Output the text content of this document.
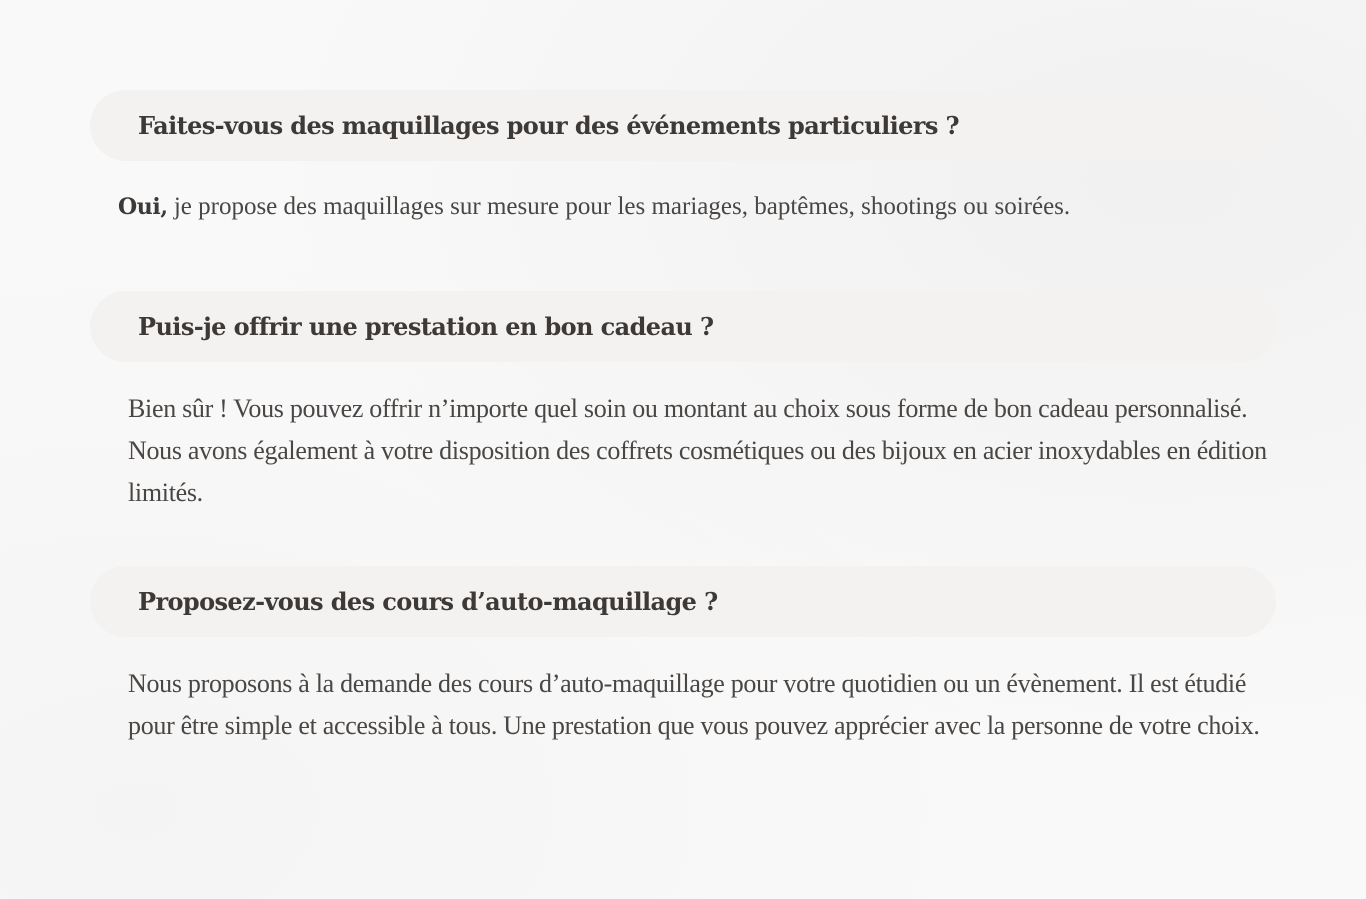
Faites-vous des maquillages pour des événements particuliers ?
Oui, je propose des maquillages sur mesure pour les mariages, baptêmes, shootings ou soirées.
Puis-je offrir une prestation en bon cadeau ?
Bien sûr ! Vous pouvez offrir n’importe quel soin ou montant au choix sous forme de bon cadeau personnalisé. Nous avons également à votre disposition des coffrets cosmétiques ou des bijoux en acier inoxydables en édition limités.
Proposez-vous des cours d’auto-maquillage ?
Nous proposons à la demande des cours d’auto-maquillage pour votre quotidien ou un évènement. Il est étudié pour être simple et accessible à tous. Une prestation que vous pouvez apprécier avec la personne de votre choix.
